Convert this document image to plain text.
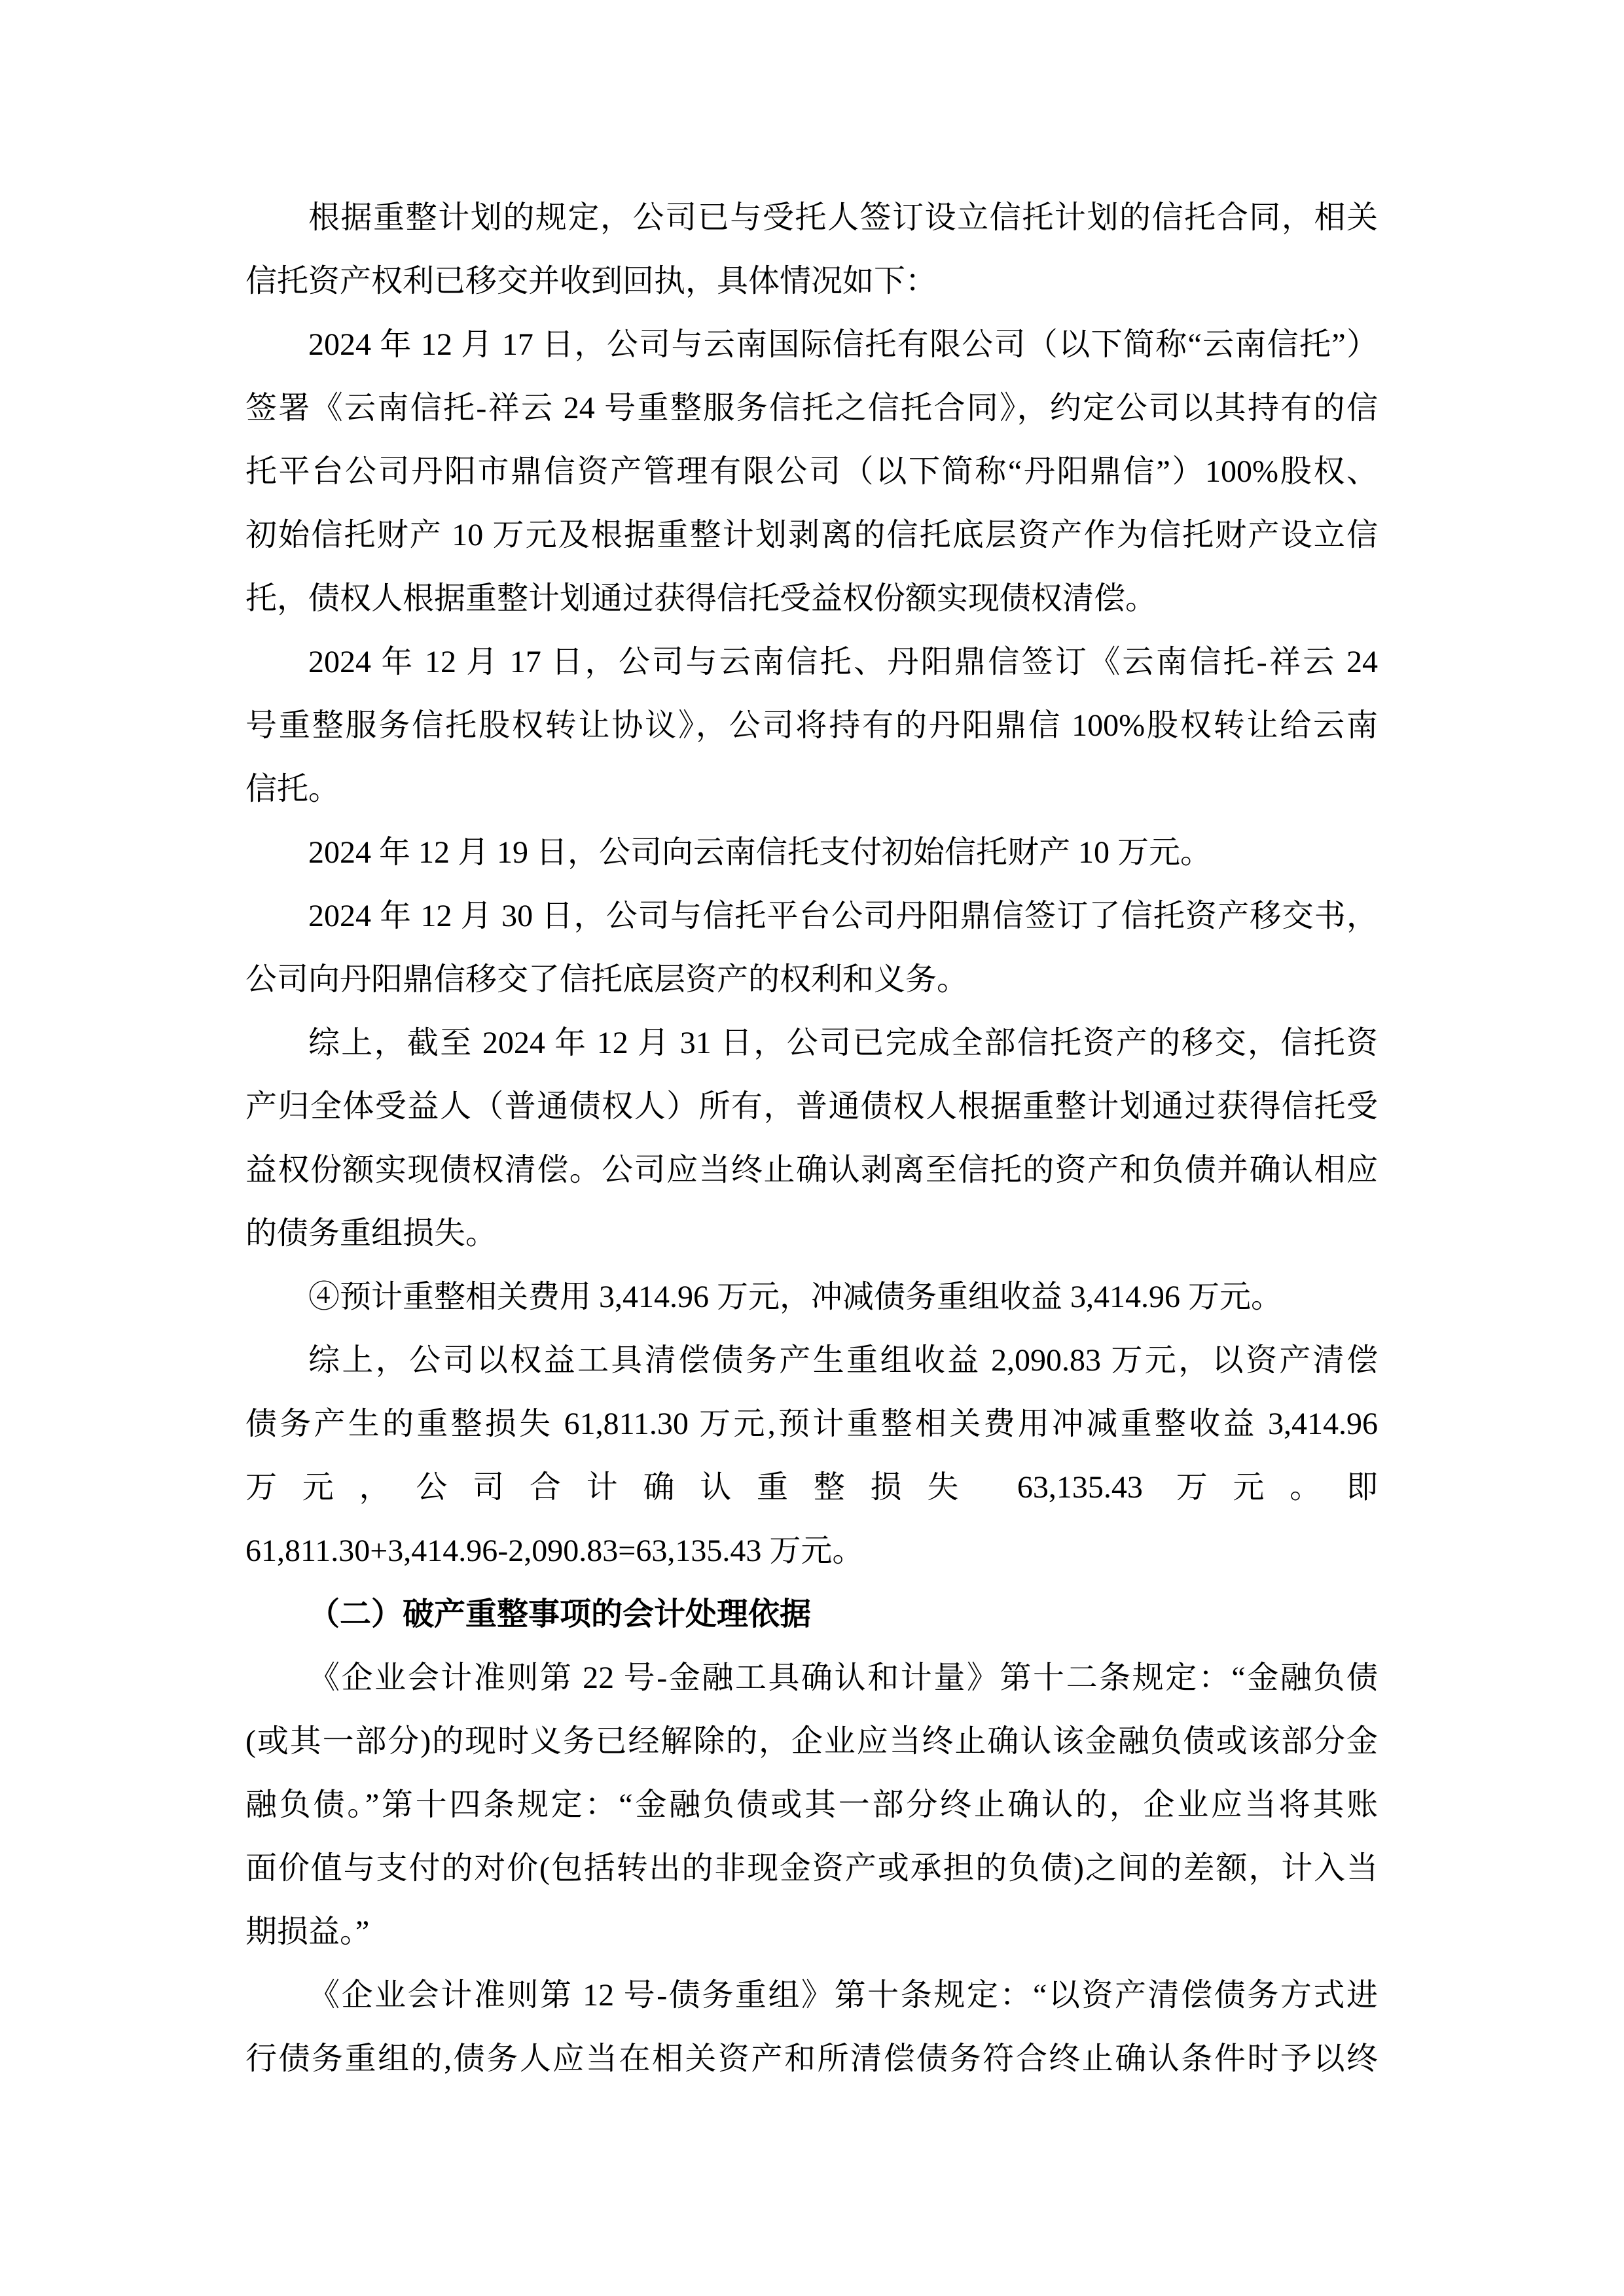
根据重整计划的规定，公司已与受托人签订设立信托计划的信托合同，相关
信托资产权利已移交并收到回执，具体情况如下：
2024 年 12 月 17 日，公司与云南国际信托有限公司（以下简称“云南信托”）
签署《云南信托-祥云 24 号重整服务信托之信托合同》，约定公司以其持有的信
托平台公司丹阳市鼎信资产管理有限公司（以下简称“丹阳鼎信”）100%股权、
初始信托财产 10 万元及根据重整计划剥离的信托底层资产作为信托财产设立信
托，债权人根据重整计划通过获得信托受益权份额实现债权清偿。
2024 年 12 月 17 日，公司与云南信托、丹阳鼎信签订《云南信托-祥云 24
号重整服务信托股权转让协议》，公司将持有的丹阳鼎信 100%股权转让给云南
信托。
2024 年 12 月 19 日，公司向云南信托支付初始信托财产 10 万元。
2024 年 12 月 30 日，公司与信托平台公司丹阳鼎信签订了信托资产移交书，
公司向丹阳鼎信移交了信托底层资产的权利和义务。
综上，截至 2024 年 12 月 31 日，公司已完成全部信托资产的移交，信托资
产归全体受益人（普通债权人）所有，普通债权人根据重整计划通过获得信托受
益权份额实现债权清偿。公司应当终止确认剥离至信托的资产和负债并确认相应
的债务重组损失。
④预计重整相关费用 3,414.96 万元，冲减债务重组收益 3,414.96 万元。
综上，公司以权益工具清偿债务产生重组收益 2,090.83 万元，以资产清偿
债务产生的重整损失 61,811.30 万元,预计重整相关费用冲减重整收益 3,414.96
万元，公司合计确认重整损失 63,135.43 万元。即
61,811.30+3,414.96-2,090.83=63,135.43 万元。
（二）破产重整事项的会计处理依据
《企业会计准则第 22 号-金融工具确认和计量》第十二条规定：“金融负债
(或其一部分)的现时义务已经解除的，企业应当终止确认该金融负债或该部分金
融负债。”第十四条规定：“金融负债或其一部分终止确认的，企业应当将其账
面价值与支付的对价(包括转出的非现金资产或承担的负债)之间的差额，计入当
期损益。”
《企业会计准则第 12 号-债务重组》第十条规定：“以资产清偿债务方式进
行债务重组的,债务人应当在相关资产和所清偿债务符合终止确认条件时予以终
